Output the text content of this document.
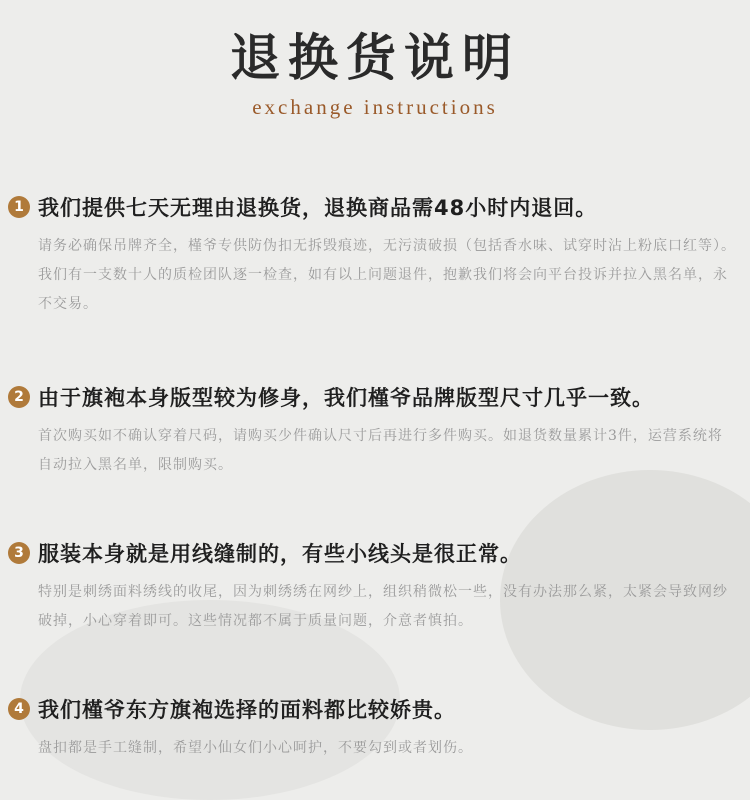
退换货说明
exchange instructions
1 我们提供七天无理由退换货，退换商品需48小时内退回。
请务必确保吊牌齐全，槿爷专供防伪扣无拆毁痕迹，无污渍破损（包括香水味、试穿时沾上粉底口红等）。我们有一支数十人的质检团队逐一检查，如有以上问题退件，抱歉我们将会向平台投诉并拉入黑名单，永不交易。
2 由于旗袍本身版型较为修身，我们槿爷品牌版型尺寸几乎一致。
首次购买如不确认穿着尺码，请购买少件确认尺寸后再进行多件购买。如退货数量累计3件，运营系统将自动拉入黑名单，限制购买。
3 服装本身就是用线缝制的，有些小线头是很正常。
特别是刺绣面料绣线的收尾，因为刺绣绣在网纱上，组织稍微松一些，没有办法那么紧，太紧会导致网纱破掉，小心穿着即可。这些情况都不属于质量问题，介意者慎拍。
4 我们槿爷东方旗袍选择的面料都比较娇贵。
盘扣都是手工缝制，希望小仙女们小心呵护，不要勾到或者划伤。
